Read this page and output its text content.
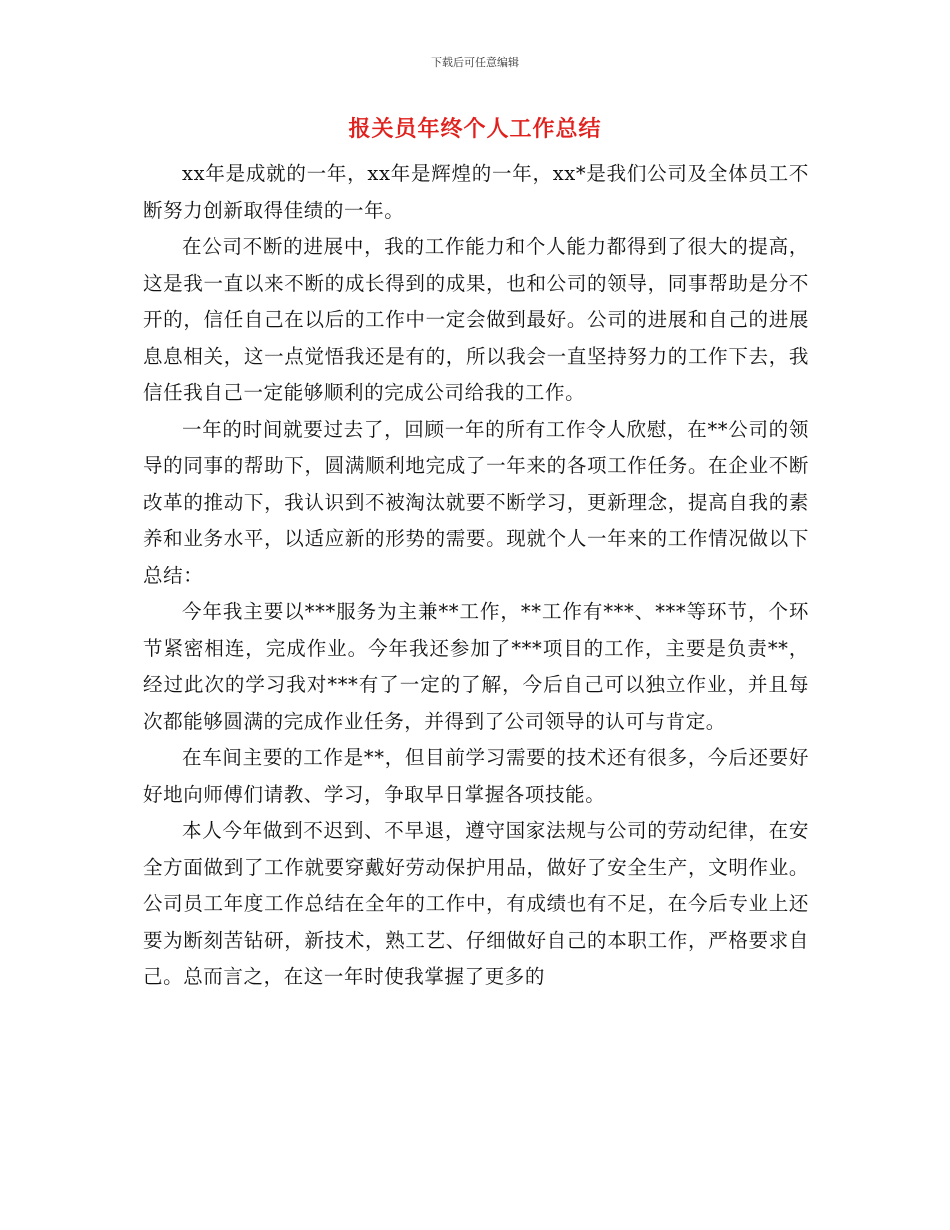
下载后可任意编辑
报关员年终个人工作总结

xx年是成就的一年，xx年是辉煌的一年，xx*是我们公司及全体员工不断努力创新取得佳绩的一年。

在公司不断的进展中，我的工作能力和个人能力都得到了很大的提高，这是我一直以来不断的成长得到的成果，也和公司的领导，同事帮助是分不开的，信任自己在以后的工作中一定会做到最好。公司的进展和自己的进展息息相关，这一点觉悟我还是有的，所以我会一直坚持努力的工作下去，我信任我自己一定能够顺利的完成公司给我的工作。

一年的时间就要过去了，回顾一年的所有工作令人欣慰，在**公司的领导的同事的帮助下，圆满顺利地完成了一年来的各项工作任务。在企业不断改革的推动下，我认识到不被淘汰就要不断学习，更新理念，提高自我的素养和业务水平，以适应新的形势的需要。现就个人一年来的工作情况做以下总结：

今年我主要以***服务为主兼**工作，**工作有***、***等环节，个环节紧密相连，完成作业。今年我还参加了***项目的工作，主要是负责**，经过此次的学习我对***有了一定的了解，今后自己可以独立作业，并且每次都能够圆满的完成作业任务，并得到了公司领导的认可与肯定。

在车间主要的工作是**，但目前学习需要的技术还有很多，今后还要好好地向师傅们请教、学习，争取早日掌握各项技能。

本人今年做到不迟到、不早退，遵守国家法规与公司的劳动纪律，在安全方面做到了工作就要穿戴好劳动保护用品，做好了安全生产，文明作业。公司员工年度工作总结在全年的工作中，有成绩也有不足，在今后专业上还要为断刻苦钻研，新技术，熟工艺、仔细做好自己的本职工作，严格要求自己。总而言之，在这一年时使我掌握了更多的
